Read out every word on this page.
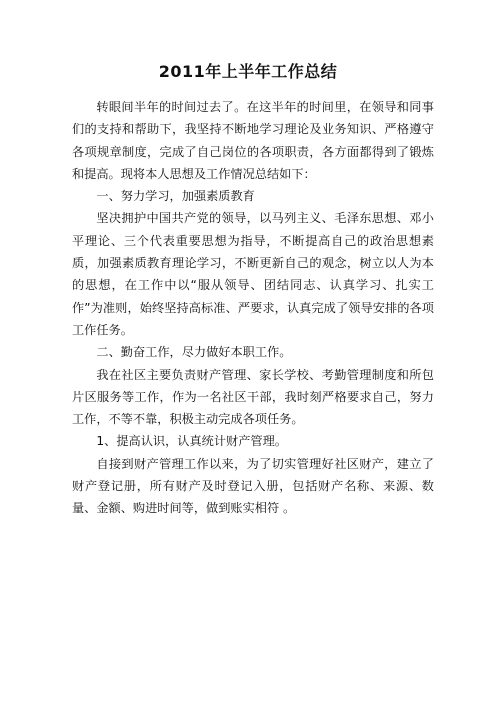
2011年上半年工作总结

转眼间半年的时间过去了。在这半年的时间里，在领导和同事们的支持和帮助下，我坚持不断地学习理论及业务知识、严格遵守各项规章制度，完成了自己岗位的各项职责，各方面都得到了锻炼和提高。现将本人思想及工作情况总结如下：

一、努力学习，加强素质教育

坚决拥护中国共产党的领导，以马列主义、毛泽东思想、邓小平理论、三个代表重要思想为指导，不断提高自己的政治思想素质，加强素质教育理论学习，不断更新自己的观念，树立以人为本的思想，在工作中以“服从领导、团结同志、认真学习、扎实工作”为准则，始终坚持高标准、严要求，认真完成了领导安排的各项工作任务。

二、勤奋工作，尽力做好本职工作。

我在社区主要负责财产管理、家长学校、考勤管理制度和所包片区服务等工作，作为一名社区干部，我时刻严格要求自己，努力工作，不等不靠，积极主动完成各项任务。

1、提高认识，认真统计财产管理。

自接到财产管理工作以来，为了切实管理好社区财产，建立了财产登记册，所有财产及时登记入册，包括财产名称、来源、数量、金额、购进时间等，做到账实相符 。
